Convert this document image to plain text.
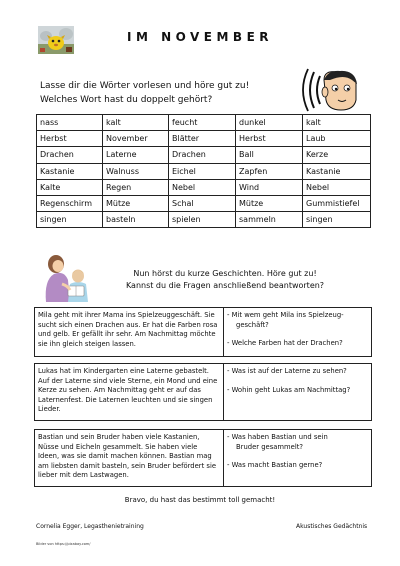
IM NOVEMBER
Lasse dir die Wörter vorlesen und höre gut zu!
Welches Wort hast du doppelt gehört?
nass	kalt	feucht	dunkel	kalt
Herbst	November	Blätter	Herbst	Laub
Drachen	Laterne	Drachen	Ball	Kerze
Kastanie	Walnuss	Eichel	Zapfen	Kastanie
Kalte	Regen	Nebel	Wind	Nebel
Regenschirm	Mütze	Schal	Mütze	Gummistiefel
singen	basteln	spielen	sammeln	singen
Nun hörst du kurze Geschichten. Höre gut zu!
Kannst du die Fragen anschließend beantworten?
Mila geht mit ihrer Mama ins Spielzeuggeschäft. Sie sucht sich einen Drachen aus. Er hat die Farben rosa und gelb. Er gefällt ihr sehr. Am Nachmittag möchte sie ihn gleich steigen lassen.
- Mit wem geht Mila ins Spielzeug-
geschäft?
- Welche Farben hat der Drachen?
Lukas hat im Kindergarten eine Laterne gebastelt. Auf der Laterne sind viele Sterne, ein Mond und eine Kerze zu sehen. Am Nachmittag geht er auf das Laternenfest. Die Laternen leuchten und sie singen Lieder.
- Was ist auf der Laterne zu sehen?
- Wohin geht Lukas am Nachmittag?
Bastian und sein Bruder haben viele Kastanien, Nüsse und Eicheln gesammelt. Sie haben viele Ideen, was sie damit machen können. Bastian mag am liebsten damit basteln, sein Bruder befördert sie lieber mit dem Lastwagen.
- Was haben Bastian und sein
Bruder gesammelt?
- Was macht Bastian gerne?
Bravo, du hast das bestimmt toll gemacht!
Cornelia Egger, Legasthenietraining	Akustisches Gedächtnis
Bilder von https://pixabay.com/
